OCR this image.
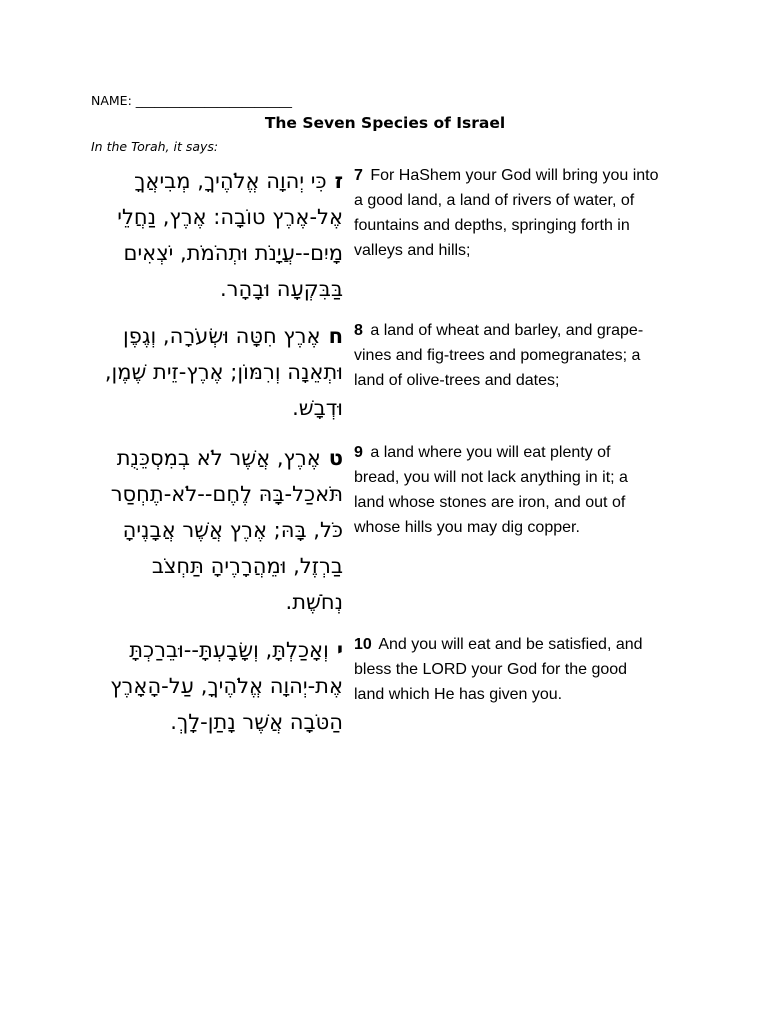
NAME: _________________________
The Seven Species of Israel
In the Torah, it says:
זכִּי יְהוָה אֱלֹהֶיךָ, מְבִיאֲךָ אֶל-אֶרֶץ טוֹבָה: אֶרֶץ, נַחֲלֵי מָיִם--עֲיָנֹת וּתְהֹמֹת, יֹצְאִים בַּבִּקְעָה וּבָהָר.
7 For HaShem your God will bring you into a good land, a land of rivers of water, of fountains and depths, springing forth in valleys and hills;
חאֶרֶץ חִטָּה וּשְׂעֹרָה, וְגֶפֶן וּתְאֵנָה וְרִמּוֹן; אֶרֶץ-זֵית שֶׁמֶן, וּדְבָשׁ.
8 a land of wheat and barley, and grape-vines and fig-trees and pomegranates; a land of olive-trees and dates;
טאֶרֶץ, אֲשֶׁר לֹא בְמִסְכֵּנֻת תֹּאכַל-בָּהּ לֶחֶם--לֹא-תֶחְסַר כֹּל, בָּהּ; אֶרֶץ אֲשֶׁר אֲבָנֶיהָ בַרְזֶל, וּמֵהֲרָרֶיהָ תַּחְצֹב נְחֹשֶׁת.
9 a land where you will eat plenty of bread, you will not lack anything in it; a land whose stones are iron, and out of whose hills you may dig copper.
יוְאָכַלְתָּ, וְשָׂבָעְתָּ--וּבֵרַכְתָּ אֶת-יְהוָה אֱלֹהֶיךָ, עַל-הָאָרֶץ הַטֹּבָה אֲשֶׁר נָתַן-לָךְ.
10 And you will eat and be satisfied, and bless the LORD your God for the good land which He has given you.
